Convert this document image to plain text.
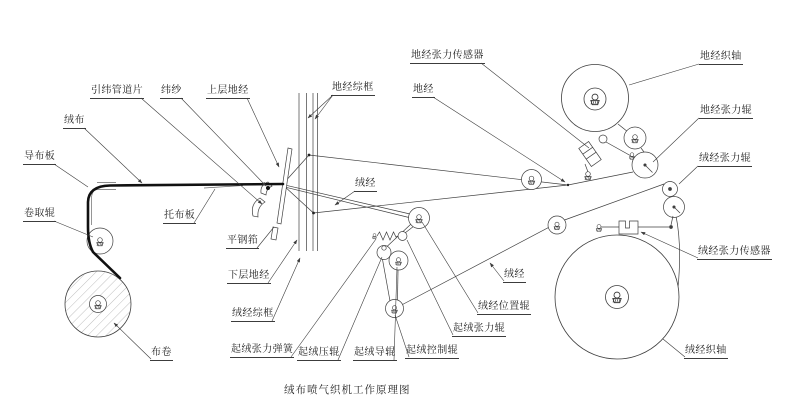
引纬管道片 纬纱	上层地经	地经综框
地经张力传感器
地经
地经织轴
地经张力辊
绒经张力辊
绒布
导布板
卷取辊	托布板
平钢筘
下层地经
绒经综框
布卷	起绒张力弹簧 起绒压辊 起绒导辊 起绒控制辊
起绒张力辊
绒经位置辊
绒经
绒经
绒经张力传感器
绒经织轴
绒布喷气织机工作原理图
